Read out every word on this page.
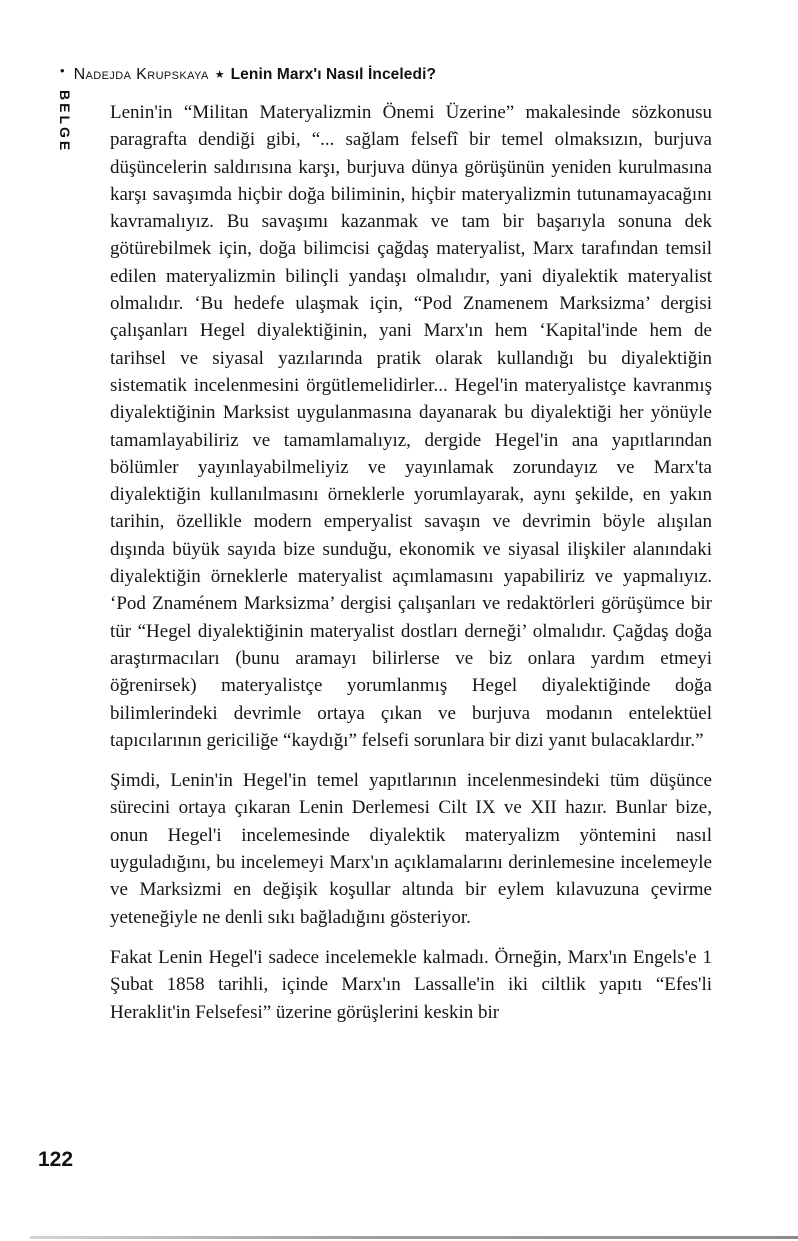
• Nadejda Krupskaya ★ Lenin Marx'ı Nasıl İnceledi?
BELGE Lenin'in “Militan Materyalizmin Önemi Üzerine” makalesinde sözkonusu paragrafta dendiği gibi, “... sağlam felsefî bir temel olmaksızın, burjuva düşüncelerin saldırısına karşı, burjuva dünya görüşünün yeniden kurulmasına karşı savaşımda hiçbir doğa biliminin, hiçbir materyalizmin tutunamayacağını kavramalıyız. Bu savaşımı kazanmak ve tam bir başarıyla sonuna dek götürebilmek için, doğa bilimcisi çağdaş materyalist, Marx tarafından temsil edilen materyalizmin bilinçli yandaşı olmalıdır, yani diyalektik materyalist olmalıdır. ‘Bu hedefe ulaşmak için, “Pod Znamenem Marksizma’ dergisi çalışanları Hegel diyalektiğinin, yani Marx'ın hem ‘Kapital'inde hem de tarihsel ve siyasal yazılarında pratik olarak kullandığı bu diyalektiğin sistematik incelenmesini örgütlemelidirler... Hegel'in materyalistçe kavranmış diyalektiğinin Marksist uygulanmasına dayanarak bu diyalektiği her yönüyle tamamlayabiliriz ve tamamlamalıyız, dergide Hegel'in ana yapıtlarından bölümler yayınlayabilmeliyiz ve yayınlamak zorundayız ve Marx'ta diyalektiğin kullanılmasını örneklerle yorumlayarak, aynı şekilde, en yakın tarihin, özellikle modern emperyalist savaşın ve devrimin böyle alışılan dışında büyük sayıda bize sunduğu, ekonomik ve siyasal ilişkiler alanındaki diyalektiğin örneklerle materyalist açımlamasını yapabiliriz ve yapmalıyız. ‘Pod Znaménem Marksizma’ dergisi çalışanları ve redaktörleri görüşümce bir tür “Hegel diyalektiğinin materyalist dostları derneği’ olmalıdır. Çağdaş doğa araştırmacıları (bunu aramayı bilirlerse ve biz onlara yardım etmeyi öğrenirsek) materyalistçe yorumlanmış Hegel diyalektiğinde doğa bilimlerindeki devrimle ortaya çıkan ve burjuva modanın entelektüel tapıcılarının gericiliğe “kaydığı” felsefi sorunlara bir dizi yanıt bulacaklardır.”

Şimdi, Lenin'in Hegel'in temel yapıtlarının incelenmesindeki tüm düşünce sürecini ortaya çıkaran Lenin Derlemesi Cilt IX ve XII hazır. Bunlar bize, onun Hegel'i incelemesinde diyalektik materyalizm yöntemini nasıl uyguladığını, bu incelemeyi Marx'ın açıklamalarını derinlemesine incelemeyle ve Marksizmi en değişik koşullar altında bir eylem kılavuzuna çevirme yeteneğiyle ne denli sıkı bağladığını gösteriyor.

Fakat Lenin Hegel'i sadece incelemekle kalmadı. Örneğin, Marx'ın Engels'e 1 Şubat 1858 tarihli, içinde Marx'ın Lassalle'in iki ciltlik yapıtı “Efes'li Heraklit'in Felsefesi” üzerine görüşlerini keskin bir

122
